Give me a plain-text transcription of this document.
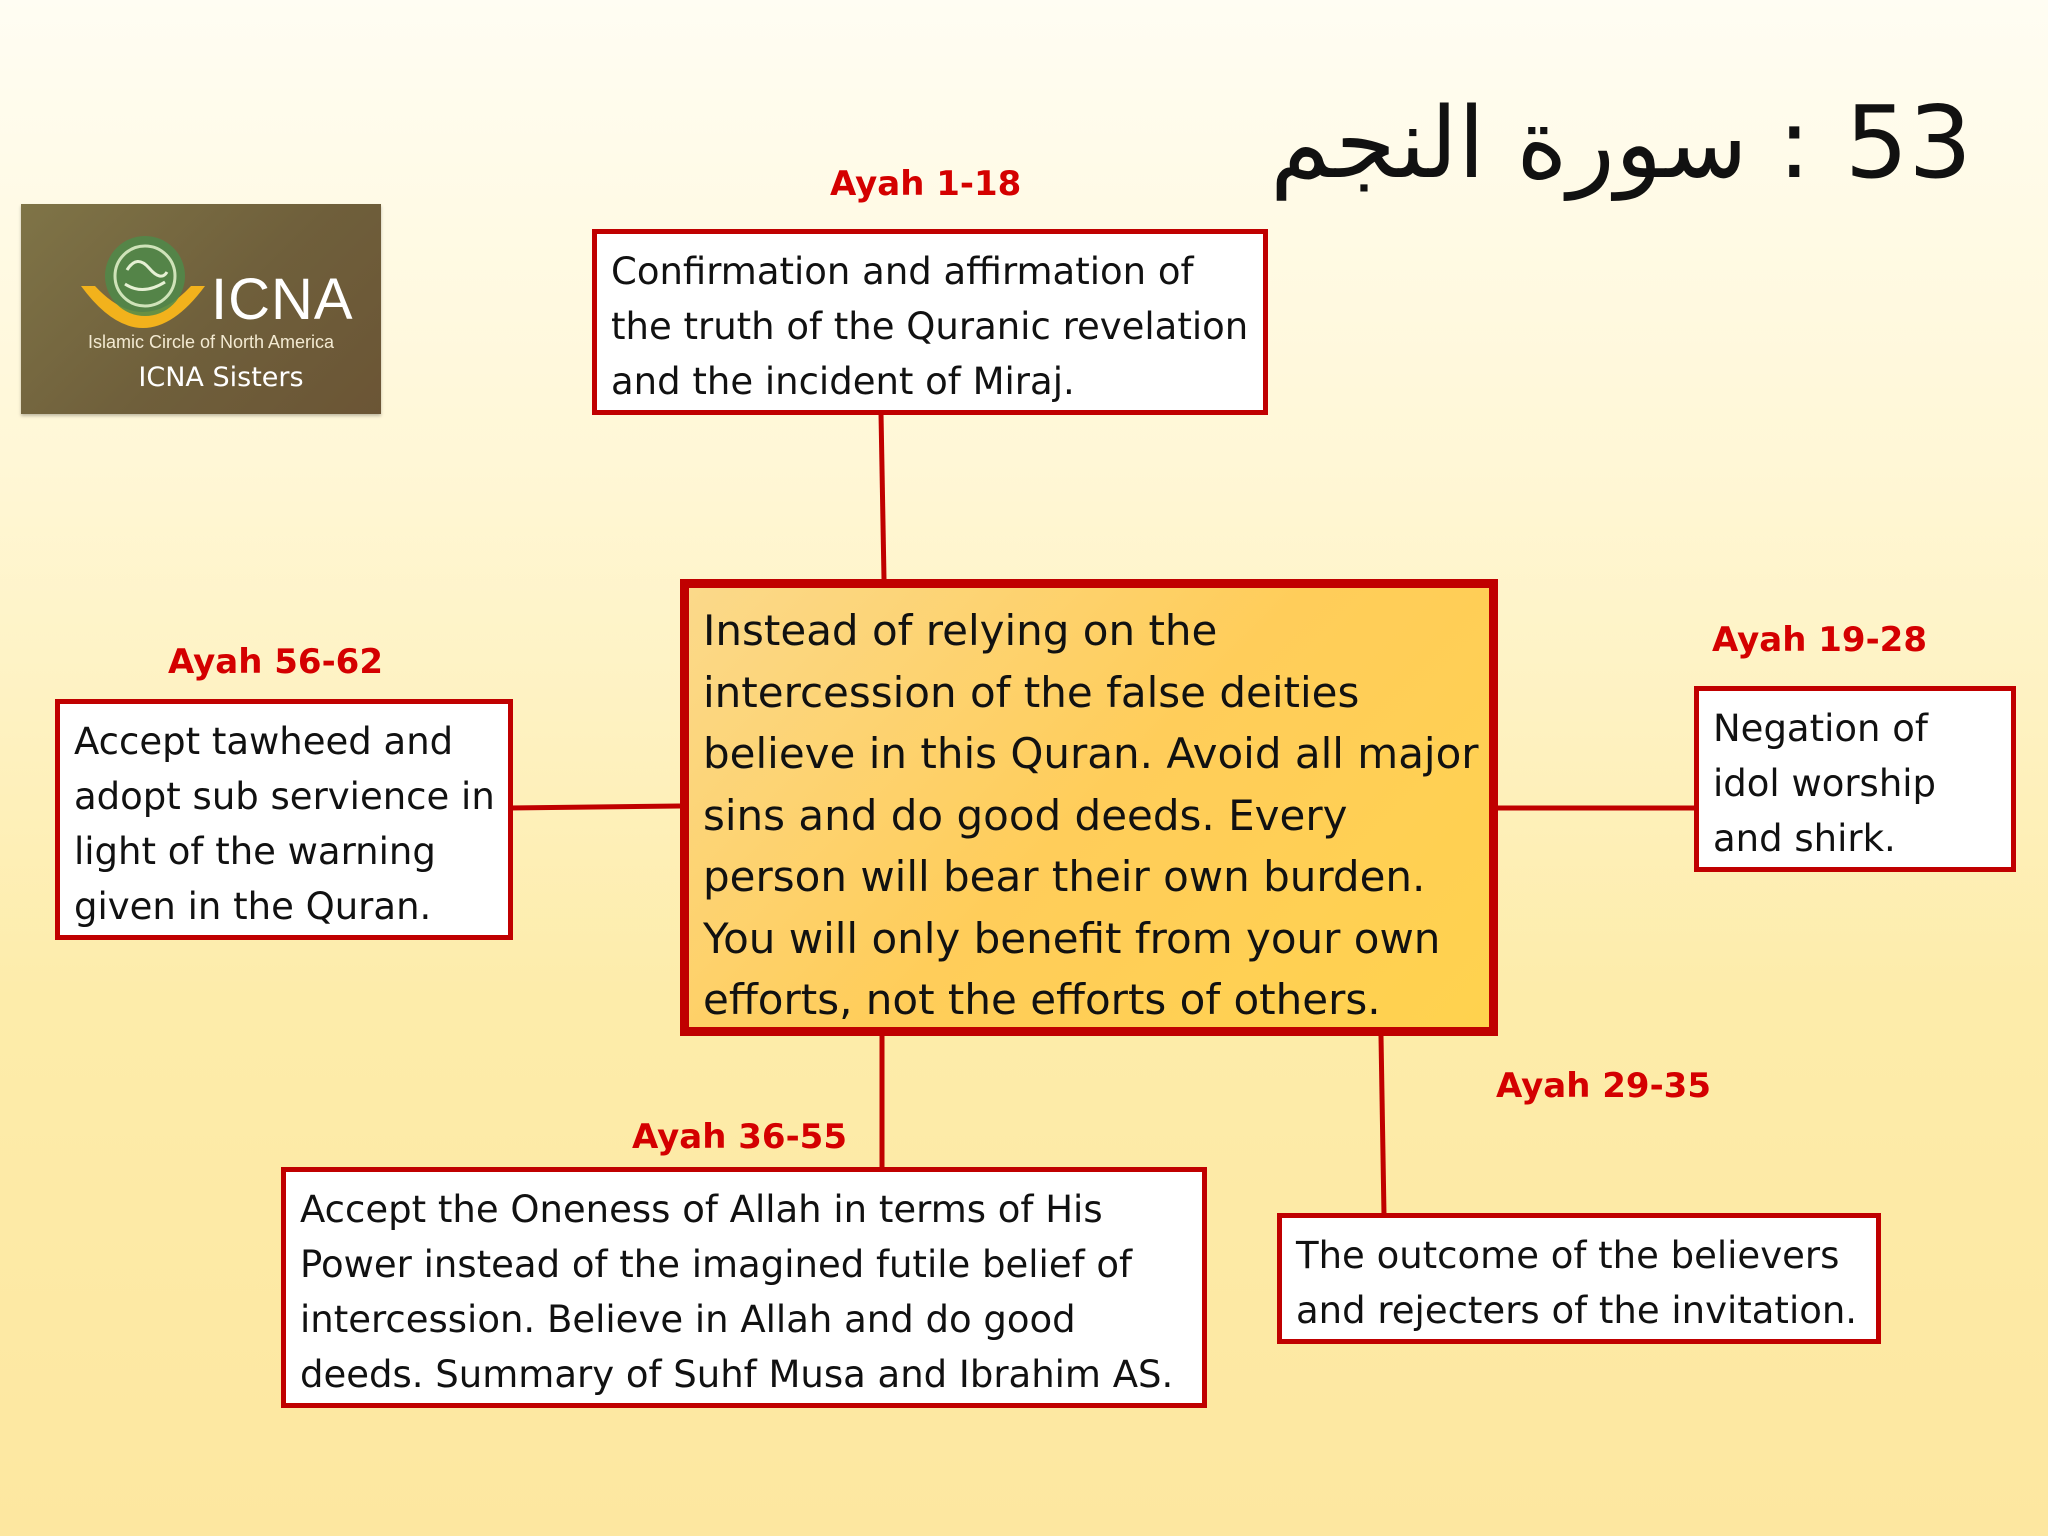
سورة النجم : 53
ICNA
Islamic Circle of North America
ICNA Sisters
Ayah 1-18
Confirmation and affirmation of the truth of the Quranic revelation and the incident of Miraj.
Ayah 56-62
Accept tawheed and adopt sub servience in light of the warning given in the Quran.
Ayah 19-28
Negation of idol worship and shirk.
Instead of relying on the intercession of the false deities believe in this Quran. Avoid all major sins and do good deeds. Every person will bear their own burden. You will only benefit from your own efforts, not the efforts of others.
Ayah 36-55
Accept the Oneness of Allah in terms of His Power instead of the imagined futile belief of intercession. Believe in Allah and do good deeds. Summary of Suhf Musa and Ibrahim AS.
Ayah 29-35
The outcome of the believers and rejecters of the invitation.
